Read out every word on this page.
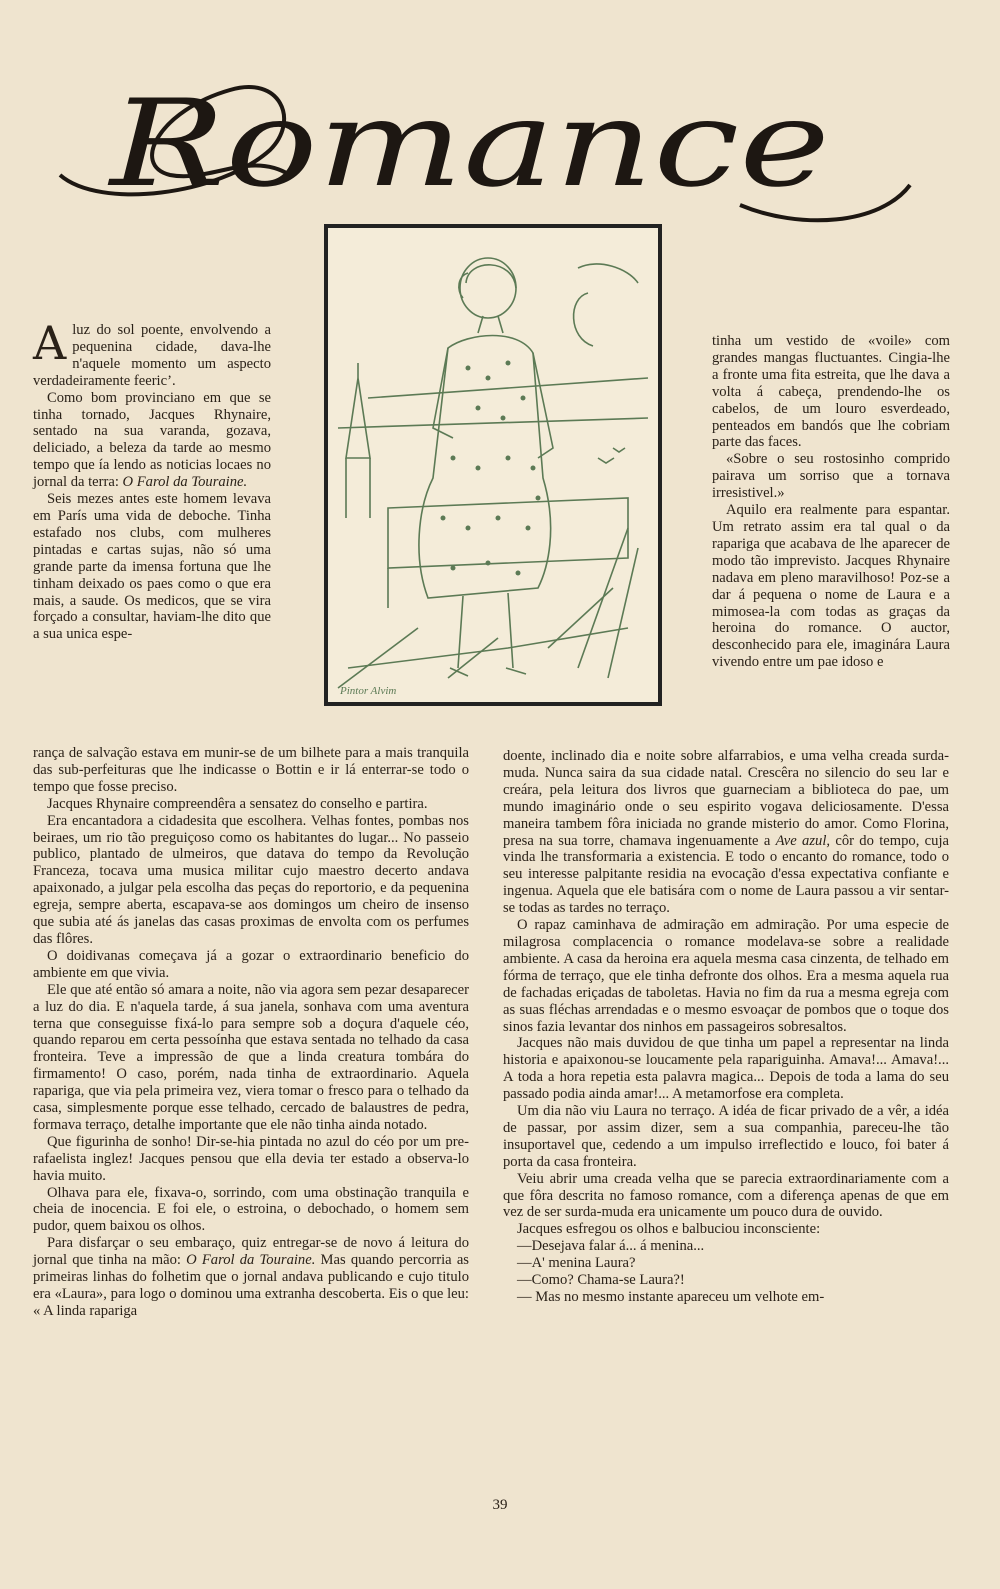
Romance
Pintor Alvim

A luz do sol poente, envolvendo a pequenina cidade, dava-lhe n'aquele momento um aspecto verdadeiramente feeric’.

Como bom provinciano em que se tinha tornado, Jacques Rhynaire, sentado na sua varanda, gozava, deliciado, a beleza da tarde ao mesmo tempo que ía lendo as noticias locaes no jornal da terra: O Farol da Touraine.

Seis mezes antes este homem levava em París uma vida de deboche. Tinha estafado nos clubs, com mulheres pintadas e cartas sujas, não só uma grande parte da imensa fortuna que lhe tinham deixado os paes como o que era mais, a saude. Os medicos, que se vira forçado a consultar, haviam-lhe dito que a sua unica espe-

tinha um vestido de «voile» com grandes mangas fluctuantes. Cingia-lhe a fronte uma fita estreita, que lhe dava a volta á cabeça, prendendo-lhe os cabelos, de um louro esverdeado, penteados em bandós que lhe cobriam parte das faces.

«Sobre o seu rostosinho comprido pairava um sorriso que a tornava irresistivel.»

Aquilo era realmente para espantar. Um retrato assim era tal qual o da rapariga que acabava de lhe aparecer de modo tão imprevisto. Jacques Rhynaire nadava em pleno maravilhoso! Poz-se a dar á pequena o nome de Laura e a mimosea-la com todas as graças da heroina do romance. O auctor, desconhecido para ele, imaginára Laura vivendo entre um pae idoso e

rança de salvação estava em munir-se de um bilhete para a mais tranquila das sub-perfeituras que lhe indicasse o Bottin e ir lá enterrar-se todo o tempo que fosse preciso.

Jacques Rhynaire compreendêra a sensatez do conselho e partira.

Era encantadora a cidadesita que escolhera. Velhas fontes, pombas nos beiraes, um rio tão preguiçoso como os habitantes do lugar... No passeio publico, plantado de ulmeiros, que datava do tempo da Revolução Franceza, tocava uma musica militar cujo maestro decerto andava apaixonado, a julgar pela escolha das peças do reportorio, e da pequenina egreja, sempre aberta, escapava-se aos domingos um cheiro de insenso que subia até ás janelas das casas proximas de envolta com os perfumes das flôres.

O doidivanas começava já a gozar o extraordinario beneficio do ambiente em que vivia.

Ele que até então só amara a noite, não via agora sem pezar desaparecer a luz do dia. E n'aquela tarde, á sua janela, sonhava com uma aventura terna que conseguisse fixá-lo para sempre sob a doçura d'aquele céo, quando reparou em certa pessoínha que estava sentada no telhado da casa fronteira. Teve a impressão de que a linda creatura tombára do firmamento! O caso, porém, nada tinha de extraordinario. Aquela rapariga, que via pela primeira vez, viera tomar o fresco para o telhado da casa, simplesmente porque esse telhado, cercado de balaustres de pedra, formava terraço, detalhe importante que ele não tinha ainda notado.

Que figurinha de sonho! Dir-se-hia pintada no azul do céo por um pre-rafaelista inglez! Jacques pensou que ella devia ter estado a observa-lo havia muito.

Olhava para ele, fixava-o, sorrindo, com uma obstinação tranquila e cheia de inocencia. E foi ele, o estroina, o debochado, o homem sem pudor, quem baixou os olhos.

Para disfarçar o seu embaraço, quiz entregar-se de novo á leitura do jornal que tinha na mão: O Farol da Touraine. Mas quando percorria as primeiras linhas do folhetim que o jornal andava publicando e cujo titulo era «Laura», para logo o dominou uma extranha descoberta. Eis o que leu: « A linda rapariga

doente, inclinado dia e noite sobre alfarrabios, e uma velha creada surda-muda. Nunca saira da sua cidade natal. Crescêra no silencio do seu lar e creára, pela leitura dos livros que guarneciam a biblioteca do pae, um mundo imaginário onde o seu espirito vogava deliciosamente. D'essa maneira tambem fôra iniciada no grande misterio do amor. Como Florina, presa na sua torre, chamava ingenuamente a Ave azul, côr do tempo, cuja vinda lhe transformaria a existencia. E todo o encanto do romance, todo o seu interesse palpitante residia na evocação d'essa expectativa confiante e ingenua. Aquela que ele batisára com o nome de Laura passou a vir sentar-se todas as tardes no terraço.

O rapaz caminhava de admiração em admiração. Por uma especie de milagrosa complacencia o romance modelava-se sobre a realidade ambiente. A casa da heroina era aquela mesma casa cinzenta, de telhado em fórma de terraço, que ele tinha defronte dos olhos. Era a mesma aquela rua de fachadas eriçadas de taboletas. Havia no fim da rua a mesma egreja com as suas fléchas arrendadas e o mesmo esvoaçar de pombos que o toque dos sinos fazia levantar dos ninhos em passageiros sobresaltos.

Jacques não mais duvidou de que tinha um papel a representar na linda historia e apaixonou-se loucamente pela rapariguinha. Amava!... Amava!... A toda a hora repetia esta palavra magica... Depois de toda a lama do seu passado podia ainda amar!... A metamorfose era completa.

Um dia não viu Laura no terraço. A idéa de ficar privado de a vêr, a idéa de passar, por assim dizer, sem a sua companhia, pareceu-lhe tão insuportavel que, cedendo a um impulso irreflectido e louco, foi bater á porta da casa fronteira.

Veiu abrir uma creada velha que se parecia extraordinariamente com a que fôra descrita no famoso romance, com a diferença apenas de que em vez de ser surda-muda era unicamente um pouco dura de ouvido.

Jacques esfregou os olhos e balbuciou inconsciente:

—Desejava falar á... á menina...

—A' menina Laura?

—Como? Chama-se Laura?!

— Mas no mesmo instante apareceu um velhote em-

39
